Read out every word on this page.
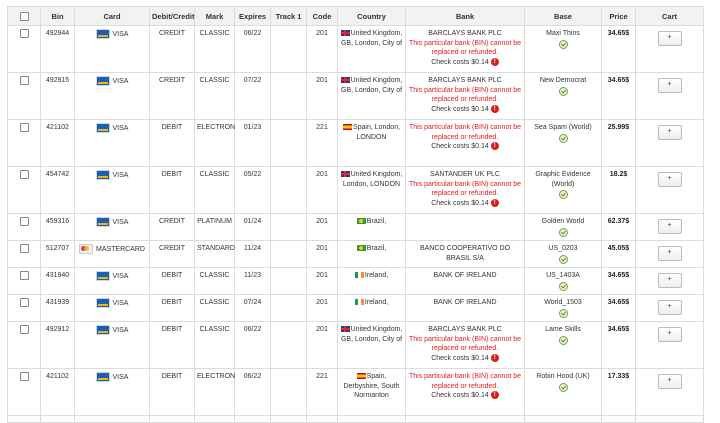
	Bin	Card	Debit/Credit	Mark	Expires	Track 1	Code	Country	Bank	Base	Price	Cart
	492944	VISA	CREDIT	CLASSIC	06/22		201	United Kingdom, GB, London, City of	BARCLAYS BANK PLC
This particular bank (BIN) cannot be replaced or refunded.
Check costs $0.14 !	Maxi Thins	34.65$	+
	492915	VISA	CREDIT	CLASSIC	07/22		201	United Kingdom, GB, London, City of	BARCLAYS BANK PLC
This particular bank (BIN) cannot be replaced or refunded.
Check costs $0.14 !	New Democrat	34.65$	+
	421102	VISA	DEBIT	ELECTRON	01/23		221	Spain, London, LONDON	This particular bank (BIN) cannot be replaced or refunded.
Check costs $0.14 !	Sea Spam (World)	25.99$	+
	454742	VISA	DEBIT	CLASSIC	05/22		201	United Kingdom, London, LONDON	SANTANDER UK PLC
This particular bank (BIN) cannot be replaced or refunded.
Check costs $0.14 !	Graphic Evidence (World)	18.2$	+
	459316	VISA	CREDIT	PLATINUM	01/24		201	Brazil,		Golden World	62.37$	+
	512707	MASTERCARD	CREDIT	STANDARD	11/24		201	Brazil,	BANCO COOPERATIVO DO BRASIL S/A	US_0203	45.05$	+
	431940	VISA	DEBIT	CLASSIC	11/23		201	Ireland,	BANK OF IRELAND	US_1403A	34.65$	+
	431939	VISA	DEBIT	CLASSIC	07/24		201	Ireland,	BANK OF IRELAND	World_1503	34.65$	+
	492912	VISA	DEBIT	CLASSIC	06/22		201	United Kingdom, GB, London, City of	BARCLAYS BANK PLC
This particular bank (BIN) cannot be replaced or refunded.
Check costs $0.14 !	Lame Skills	34.65$	+
	421102	VISA	DEBIT	ELECTRON	06/22		221	Spain, Derbyshire, South Normanton	This particular bank (BIN) cannot be replaced or refunded.
Check costs $0.14 !	Robin Hood (UK)	17.33$	+
